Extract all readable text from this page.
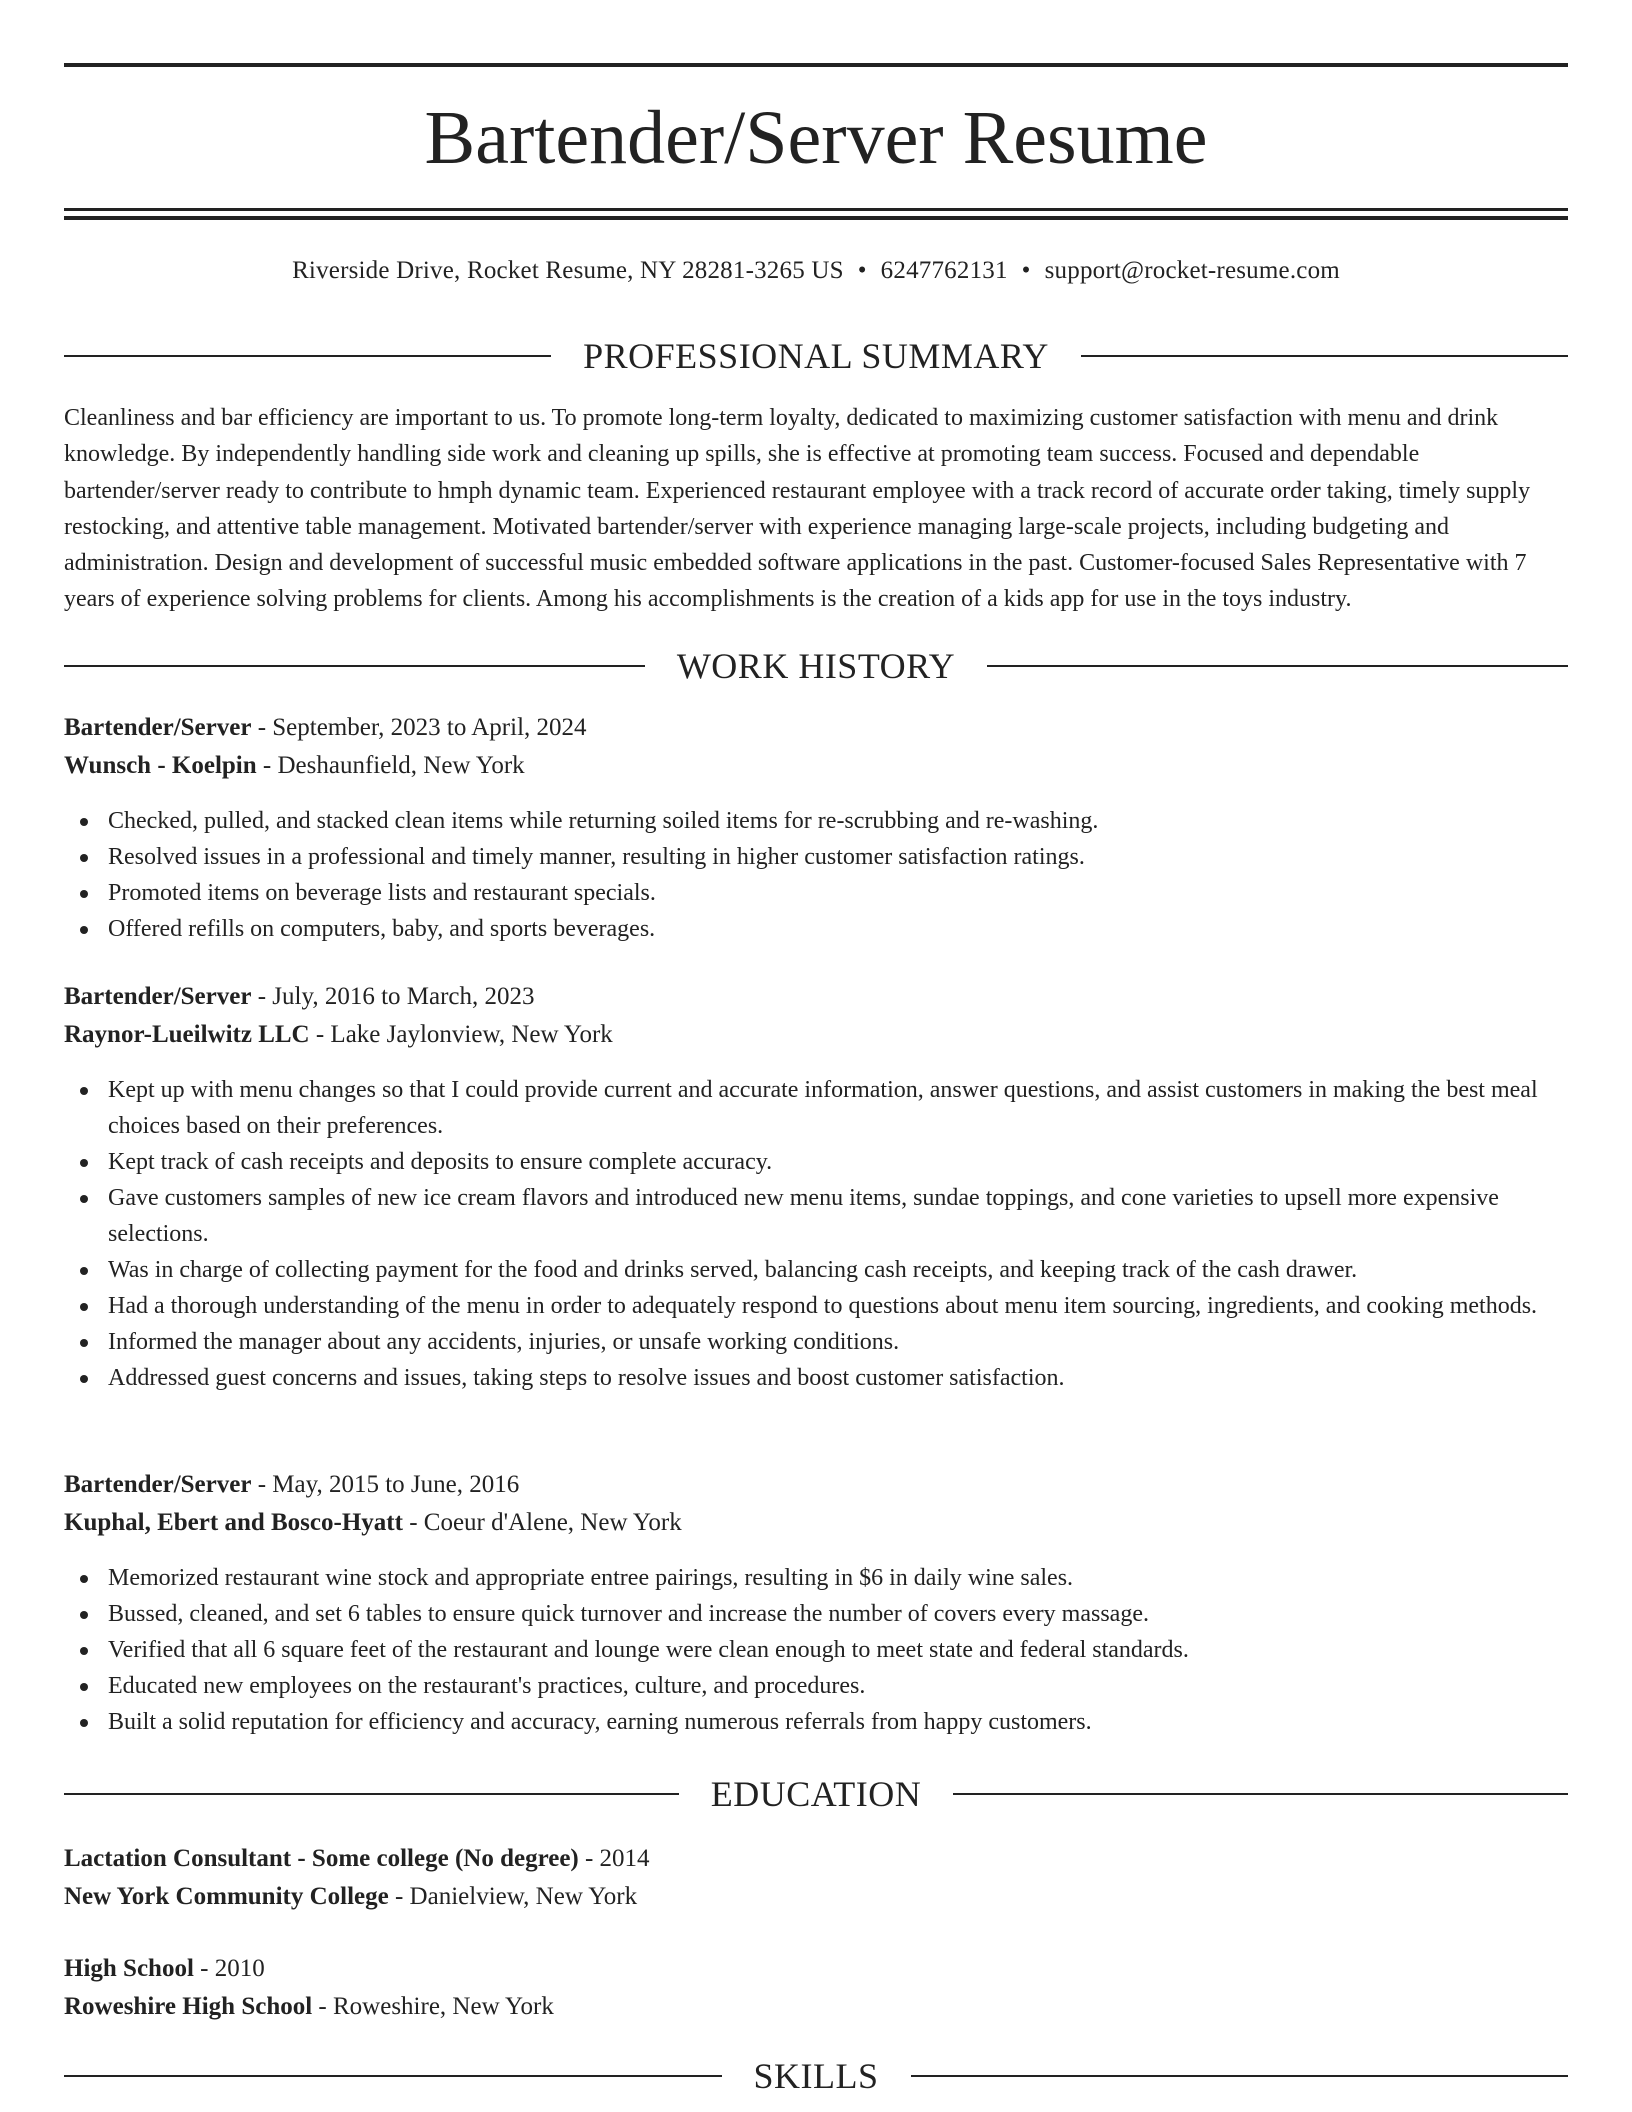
Bartender/Server Resume
Riverside Drive, Rocket Resume, NY 28281-3265 US • 6247762131 • support@rocket-resume.com
PROFESSIONAL SUMMARY

Cleanliness and bar efficiency are important to us. To promote long-term loyalty, dedicated to maximizing customer satisfaction with menu and drink knowledge. By independently handling side work and cleaning up spills, she is effective at promoting team success. Focused and dependable bartender/server ready to contribute to hmph dynamic team. Experienced restaurant employee with a track record of accurate order taking, timely supply restocking, and attentive table management. Motivated bartender/server with experience managing large-scale projects, including budgeting and administration. Design and development of successful music embedded software applications in the past. Customer-focused Sales Representative with 7 years of experience solving problems for clients. Among his accomplishments is the creation of a kids app for use in the toys industry.

WORK HISTORY
Bartender/Server - September, 2023 to April, 2024
Wunsch - Koelpin - Deshaunfield, New York
Checked, pulled, and stacked clean items while returning soiled items for re-scrubbing and re-washing.
Resolved issues in a professional and timely manner, resulting in higher customer satisfaction ratings.
Promoted items on beverage lists and restaurant specials.
Offered refills on computers, baby, and sports beverages.
Bartender/Server - July, 2016 to March, 2023
Raynor-Lueilwitz LLC - Lake Jaylonview, New York
Kept up with menu changes so that I could provide current and accurate information, answer questions, and assist customers in making the best meal choices based on their preferences.
Kept track of cash receipts and deposits to ensure complete accuracy.
Gave customers samples of new ice cream flavors and introduced new menu items, sundae toppings, and cone varieties to upsell more expensive selections.
Was in charge of collecting payment for the food and drinks served, balancing cash receipts, and keeping track of the cash drawer.
Had a thorough understanding of the menu in order to adequately respond to questions about menu item sourcing, ingredients, and cooking methods.
Informed the manager about any accidents, injuries, or unsafe working conditions.
Addressed guest concerns and issues, taking steps to resolve issues and boost customer satisfaction.
Bartender/Server - May, 2015 to June, 2016
Kuphal, Ebert and Bosco-Hyatt - Coeur d'Alene, New York
Memorized restaurant wine stock and appropriate entree pairings, resulting in $6 in daily wine sales.
Bussed, cleaned, and set 6 tables to ensure quick turnover and increase the number of covers every massage.
Verified that all 6 square feet of the restaurant and lounge were clean enough to meet state and federal standards.
Educated new employees on the restaurant's practices, culture, and procedures.
Built a solid reputation for efficiency and accuracy, earning numerous referrals from happy customers.
EDUCATION
Lactation Consultant - Some college (No degree) - 2014
New York Community College - Danielview, New York
High School - 2010
Roweshire High School - Roweshire, New York
SKILLS
